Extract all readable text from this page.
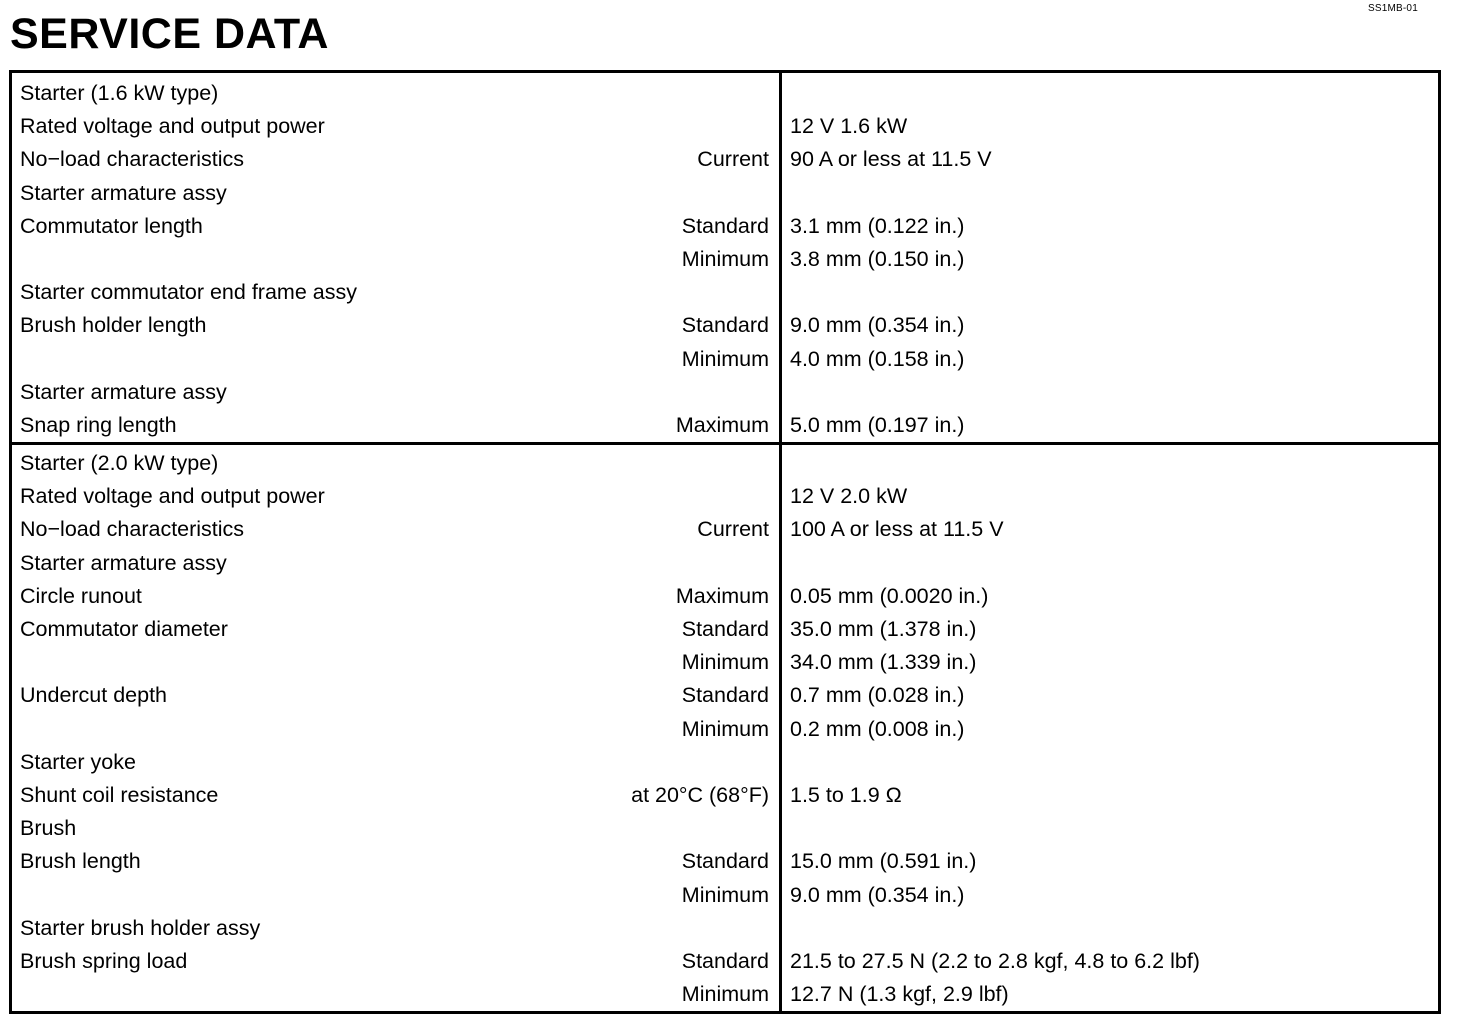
SS1MB-01
SERVICE DATA
Starter (1.6 kW type)
Rated voltage and output power	12 V 1.6 kW
No−load characteristics	Current 90 A or less at 11.5 V
Starter armature assy
Commutator length	Standard 3.1 mm (0.122 in.)
Minimum 3.8 mm (0.150 in.)
Starter commutator end frame assy
Brush holder length	Standard 9.0 mm (0.354 in.)
Minimum 4.0 mm (0.158 in.)
Starter armature assy
Snap ring length	Maximum 5.0 mm (0.197 in.)
Starter (2.0 kW type)
Rated voltage and output power	12 V 2.0 kW
No−load characteristics	Current 100 A or less at 11.5 V
Starter armature assy
Circle runout	Maximum 0.05 mm (0.0020 in.)
Commutator diameter	Standard 35.0 mm (1.378 in.)
Minimum 34.0 mm (1.339 in.)
Undercut depth	Standard 0.7 mm (0.028 in.)
Minimum 0.2 mm (0.008 in.)
Starter yoke
Shunt coil resistance	at 20°C (68°F) 1.5 to 1.9 Ω
Brush
Brush length	Standard 15.0 mm (0.591 in.)
Minimum 9.0 mm (0.354 in.)
Starter brush holder assy
Brush spring load	Standard 21.5 to 27.5 N (2.2 to 2.8 kgf, 4.8 to 6.2 lbf)
Minimum 12.7 N (1.3 kgf, 2.9 lbf)
